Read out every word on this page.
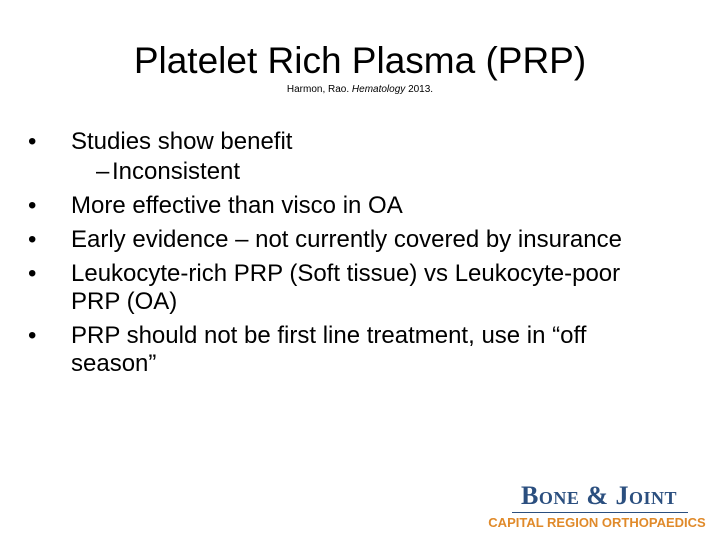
Platelet Rich Plasma (PRP)
Harmon, Rao. Hematology 2013.
• Studies show benefit
– Inconsistent
• More effective than visco in OA
• Early evidence – not currently covered by insurance
• Leukocyte-rich PRP (Soft tissue) vs Leukocyte-poor PRP (OA)
• PRP should not be first line treatment, use in “off season”
Bone & Joint
CAPITAL REGION ORTHOPAEDICS
